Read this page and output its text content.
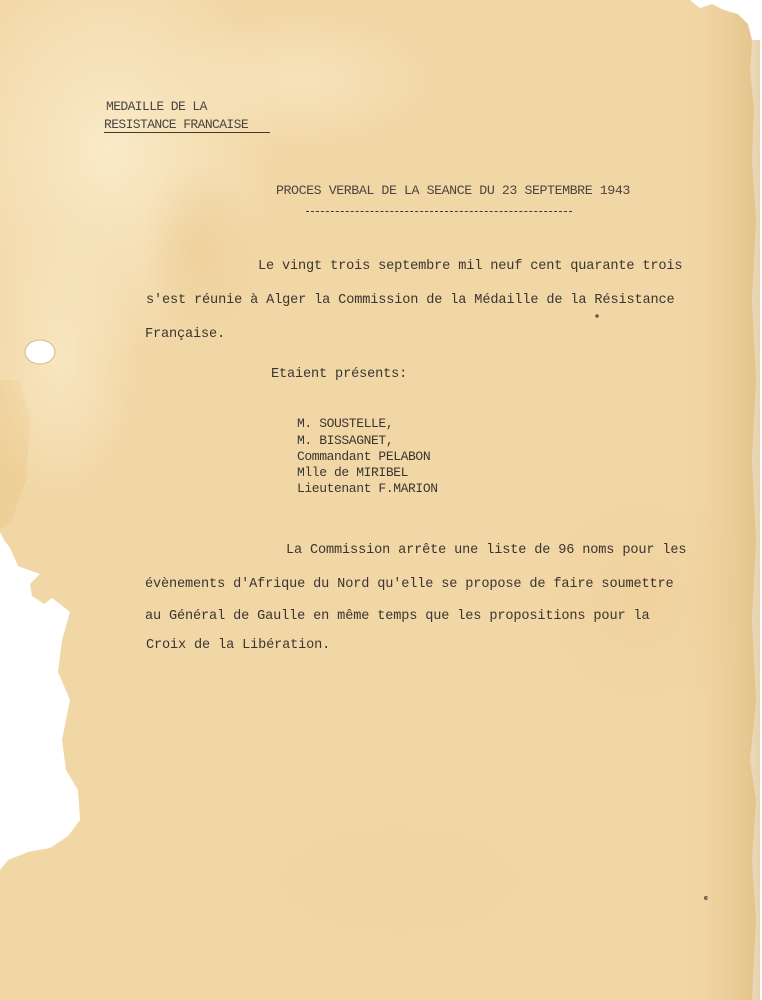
MEDAILLE DE LA
RESISTANCE FRANCAISE
PROCES VERBAL DE LA SEANCE DU 23 SEPTEMBRE 1943
Le vingt trois septembre mil neuf cent quarante trois
s'est réunie à Alger la Commission de la Médaille de la Résistance
Française.
Etaient présents:
M. SOUSTELLE,
M. BISSAGNET,
Commandant PELABON
Mlle de MIRIBEL
Lieutenant F.MARION
La Commission arrête une liste de 96 noms pour les
évènements d'Afrique du Nord qu'elle se propose de faire soumettre
au Général de Gaulle en même temps que les propositions pour la
Croix de la Libération.
